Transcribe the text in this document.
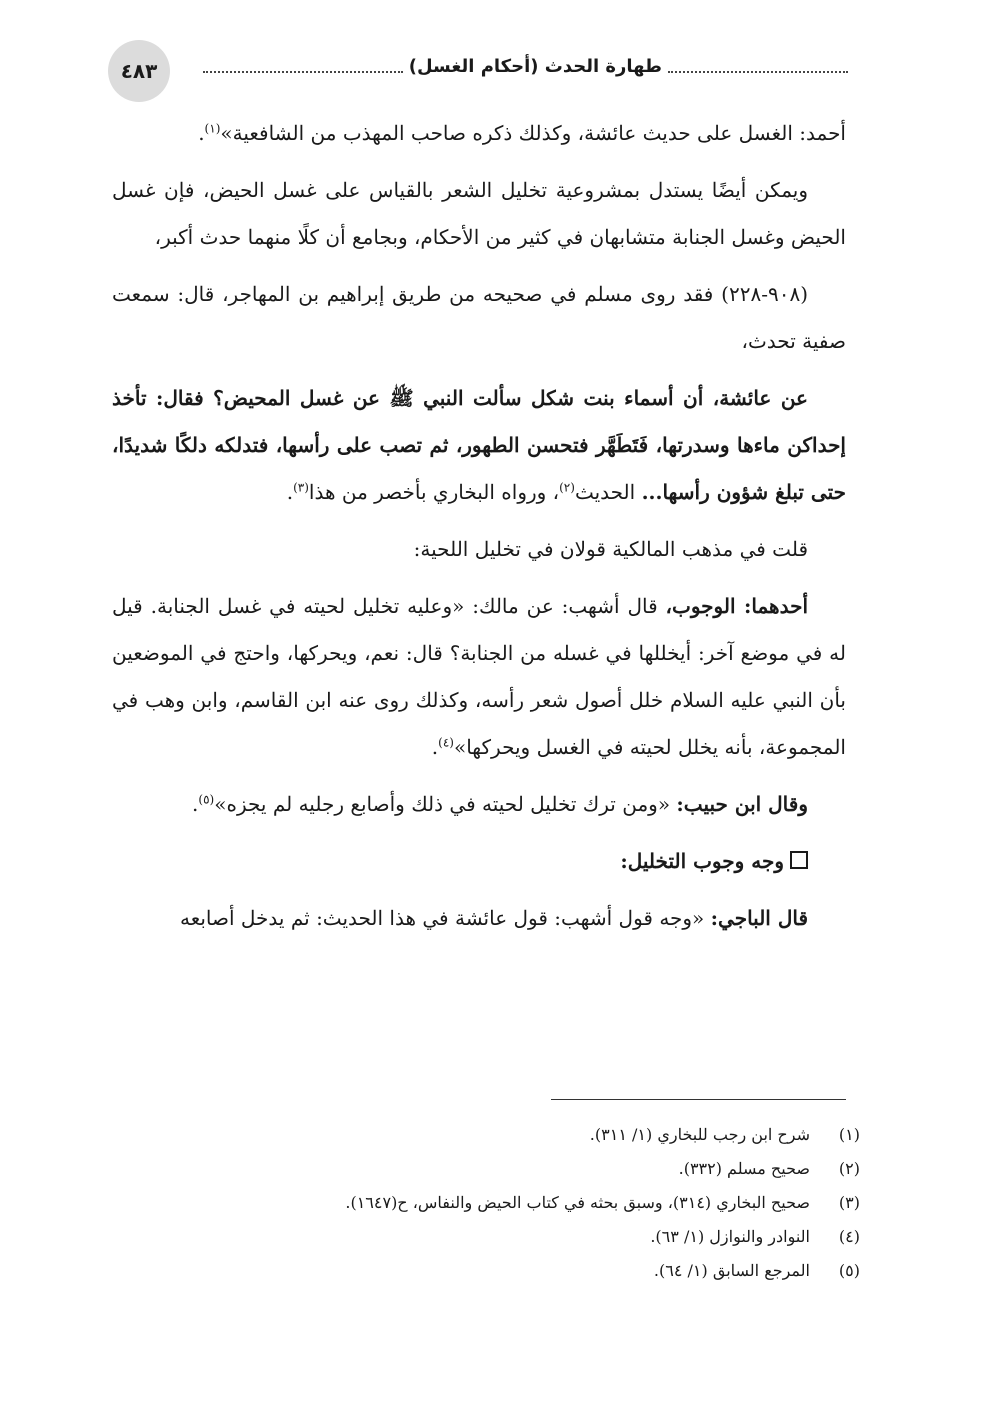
٤٨٣	طهارة الحدث (أحكام الغسل)

أحمد: الغسل على حديث عائشة، وكذلك ذكره صاحب المهذب من الشافعية»$^{(١)}$.

ويمكن أيضًا يستدل بمشروعية تخليل الشعر بالقياس على غسل الحيض، فإن غسل الحيض وغسل الجنابة متشابهان في كثير من الأحكام، وبجامع أن كلًا منهما حدث أكبر،

(٩٠٨-٢٢٨) فقد روى مسلم في صحيحه من طريق إبراهيم بن المهاجر، قال: سمعت صفية تحدث،

عن عائشة، أن أسماء بنت شكل سألت النبي ﷺ عن غسل المحيض؟ فقال: تأخذ إحداكن ماءها وسدرتها، فَتَطَهَّر فتحسن الطهور، ثم تصب على رأسها، فتدلكه دلكًا شديدًا، حتى تبلغ شؤون رأسها... الحديث$^{(٢)}$، ورواه البخاري بأخصر من هذا$^{(٣)}$.

قلت في مذهب المالكية قولان في تخليل اللحية:

أحدهما: الوجوب، قال أشهب: عن مالك: «وعليه تخليل لحيته في غسل الجنابة. قيل له في موضع آخر: أيخللها في غسله من الجنابة؟ قال: نعم، ويحركها، واحتج في الموضعين بأن النبي عليه السلام خلل أصول شعر رأسه، وكذلك روى عنه ابن القاسم، وابن وهب في المجموعة، بأنه يخلل لحيته في الغسل ويحركها»$^{(٤)}$.

وقال ابن حبيب: «ومن ترك تخليل لحيته في ذلك وأصابع رجليه لم يجزه»$^{(٥)}$.

وجه وجوب التخليل:

قال الباجي: «وجه قول أشهب: قول عائشة في هذا الحديث: ثم يدخل أصابعه

(١)
شرح ابن رجب للبخاري (١/ ٣١١).
(٢)
صحيح مسلم (٣٣٢).
(٣)
صحيح البخاري (٣١٤)، وسبق بحثه في كتاب الحيض والنفاس، ح(١٦٤٧).
(٤)
النوادر والنوازل (١/ ٦٣).
(٥)
المرجع السابق (١/ ٦٤).
